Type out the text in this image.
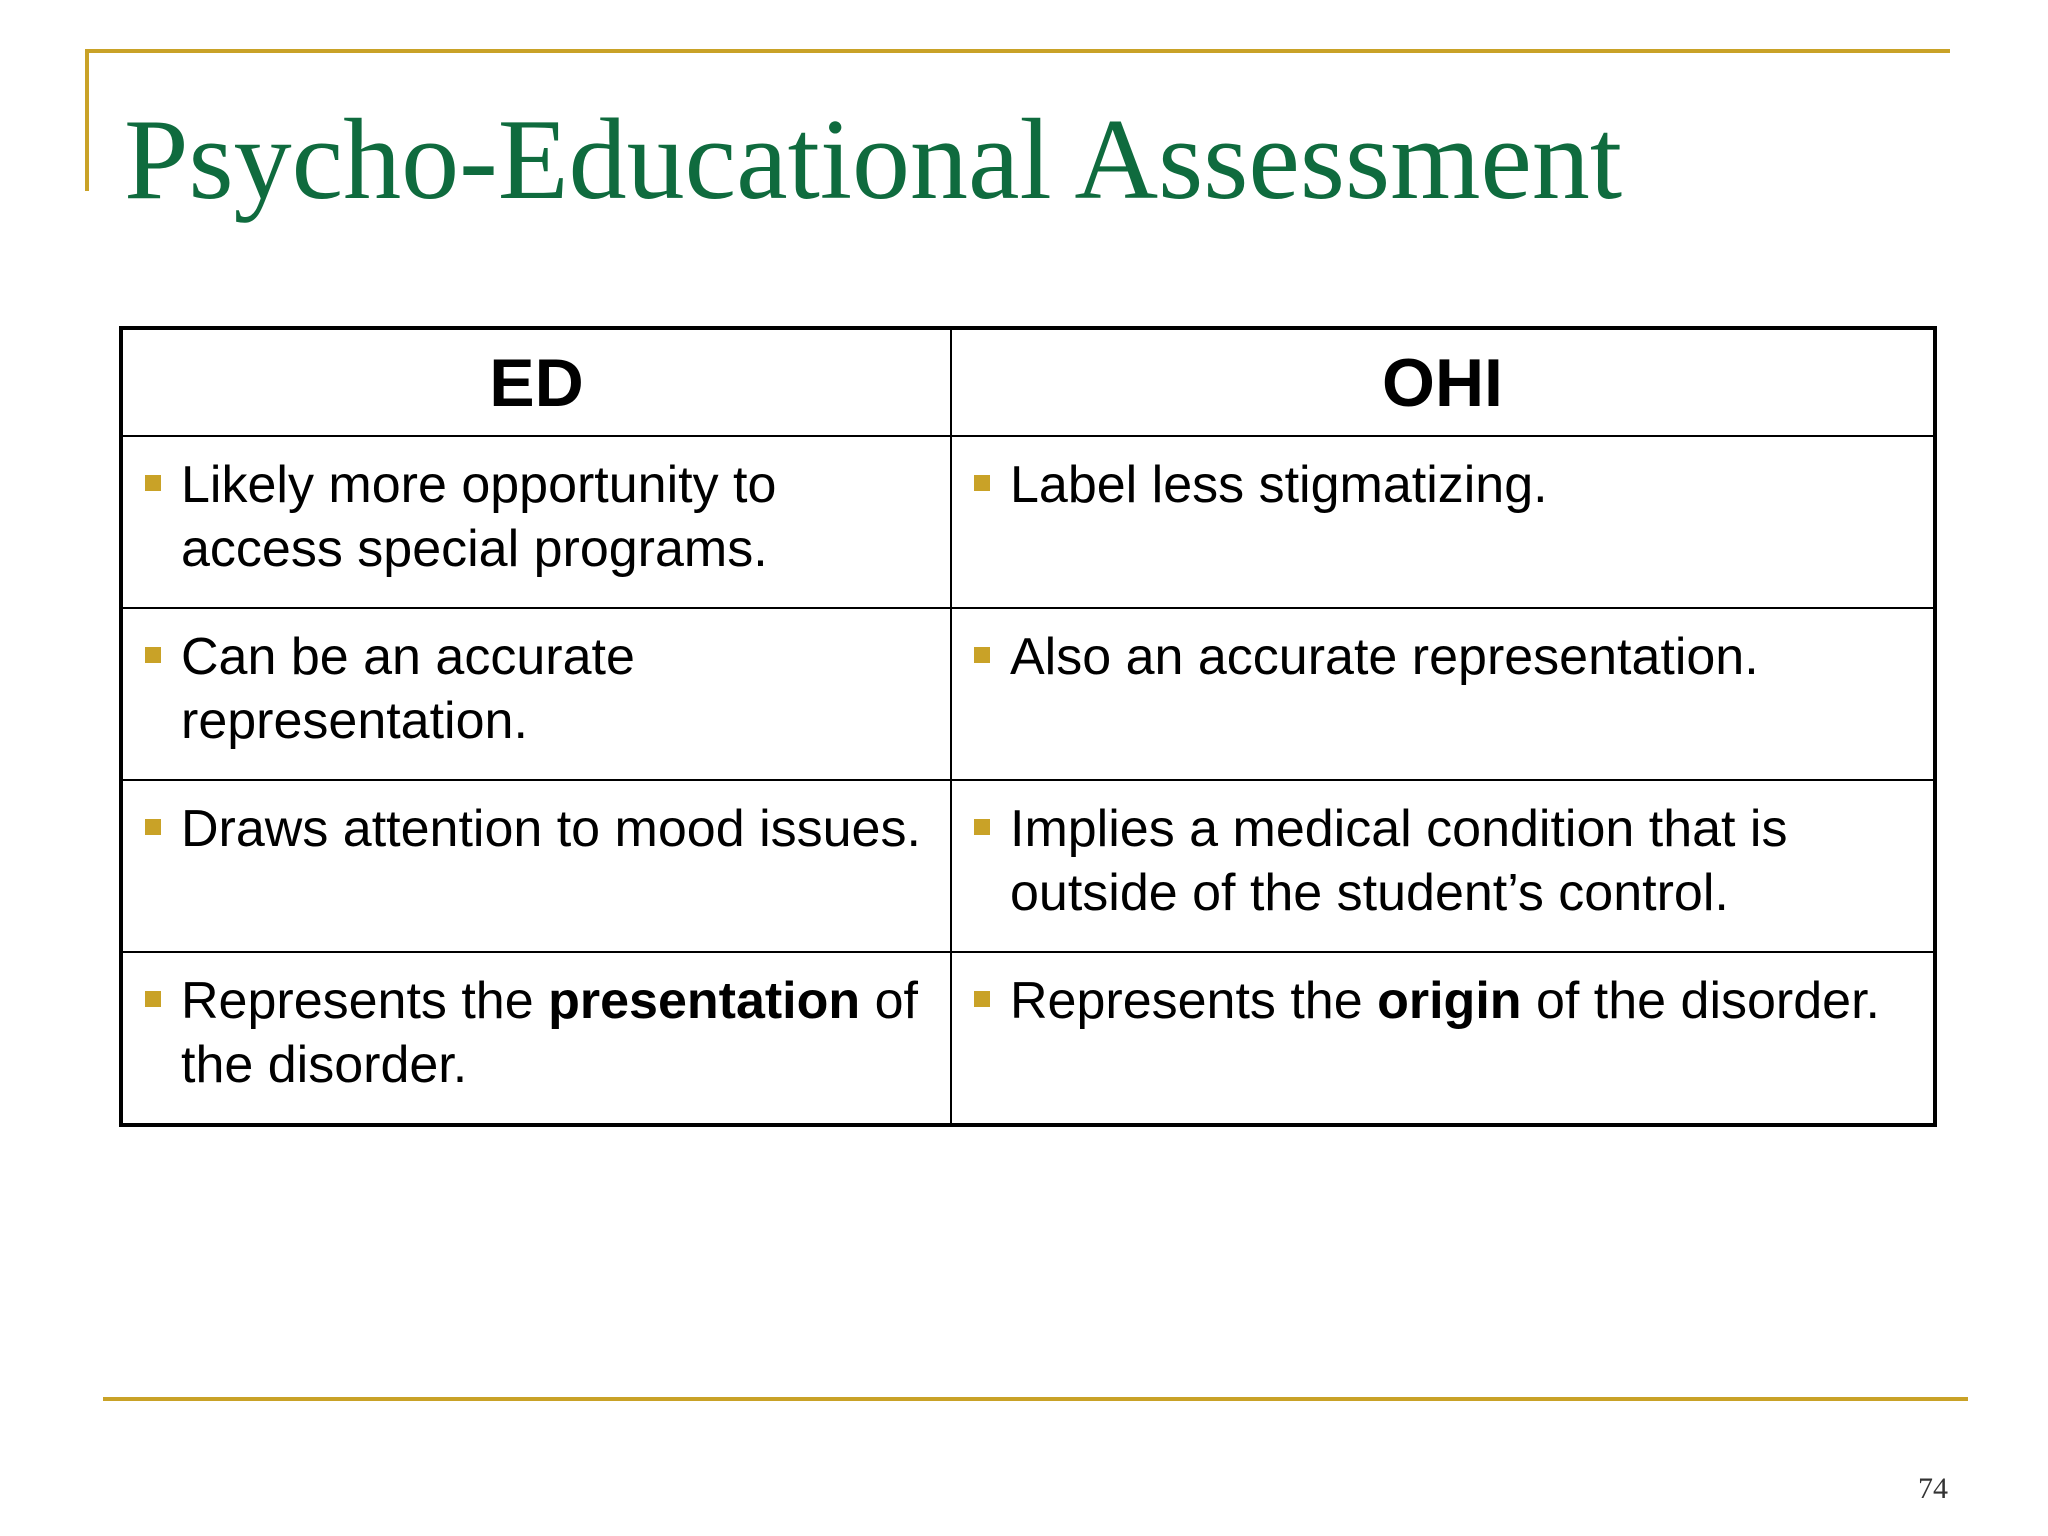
Psycho-Educational Assessment
ED	OHI

Likely more opportunity to access special programs.	Label less stigmatizing.

Can be an accurate representation.	Also an accurate representation.

Draws attention to mood issues.	Implies a medical condition that is outside of the student’s control.

Represents the presentation of the disorder.	Represents the origin of the disorder.
74
